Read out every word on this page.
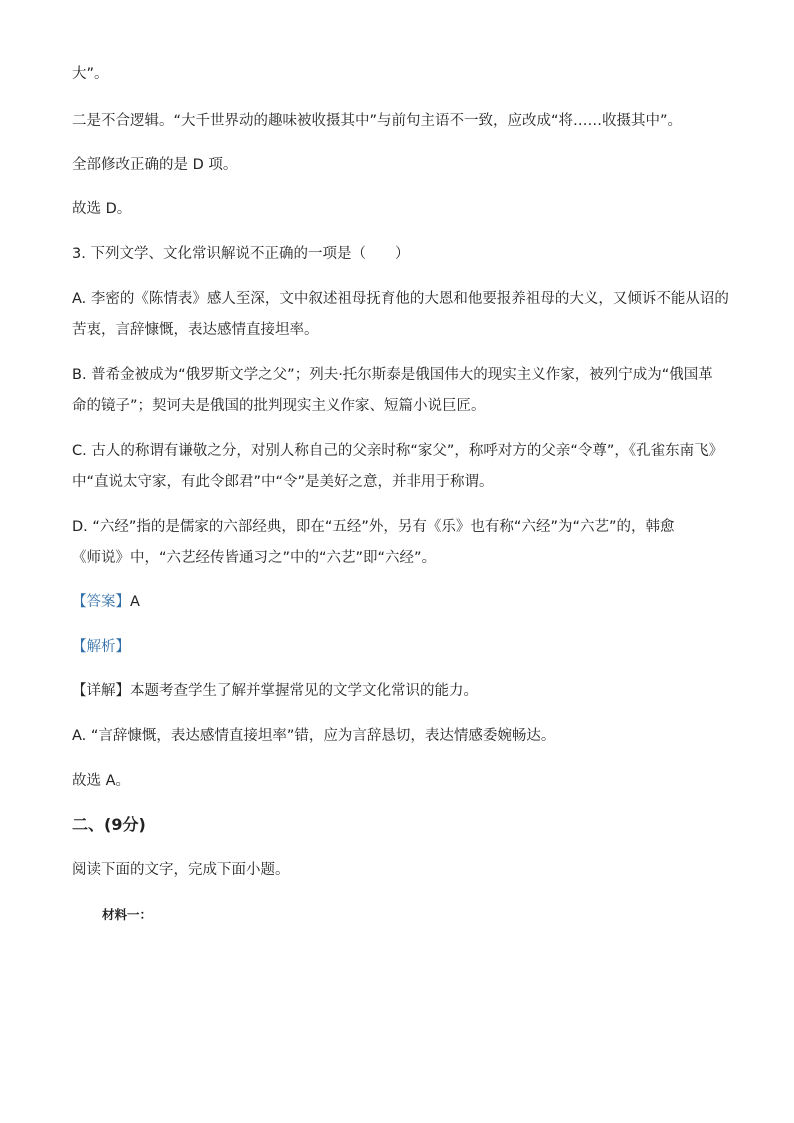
大”。
二是不合逻辑。“大千世界动的趣味被收摄其中”与前句主语不一致，应改成“将……收摄其中”。
全部修改正确的是 D 项。
故选 D。
3. 下列文学、文化常识解说不正确的一项是（　　）
A. 李密的《陈情表》感人至深，文中叙述祖母抚育他的大恩和他要报养祖母的大义，又倾诉不能从诏的
苦衷，言辞慷慨，表达感情直接坦率。
B. 普希金被成为“俄罗斯文学之父”；列夫·托尔斯泰是俄国伟大的现实主义作家，被列宁成为“俄国革
命的镜子”；契诃夫是俄国的批判现实主义作家、短篇小说巨匠。
C. 古人的称谓有谦敬之分，对别人称自己的父亲时称“家父”，称呼对方的父亲“令尊”，《孔雀东南飞》
中“直说太守家，有此令郎君”中“令”是美好之意，并非用于称谓。
D. “六经”指的是儒家的六部经典，即在“五经”外，另有《乐》也有称“六经”为“六艺”的，韩愈
《师说》中，“六艺经传皆通习之”中的“六艺”即“六经”。
【答案】A
【解析】
【详解】本题考查学生了解并掌握常见的文学文化常识的能力。
A. “言辞慷慨，表达感情直接坦率”错，应为言辞恳切，表达情感委婉畅达。
故选 A。
二、(9分)
阅读下面的文字，完成下面小题。
材料一：
